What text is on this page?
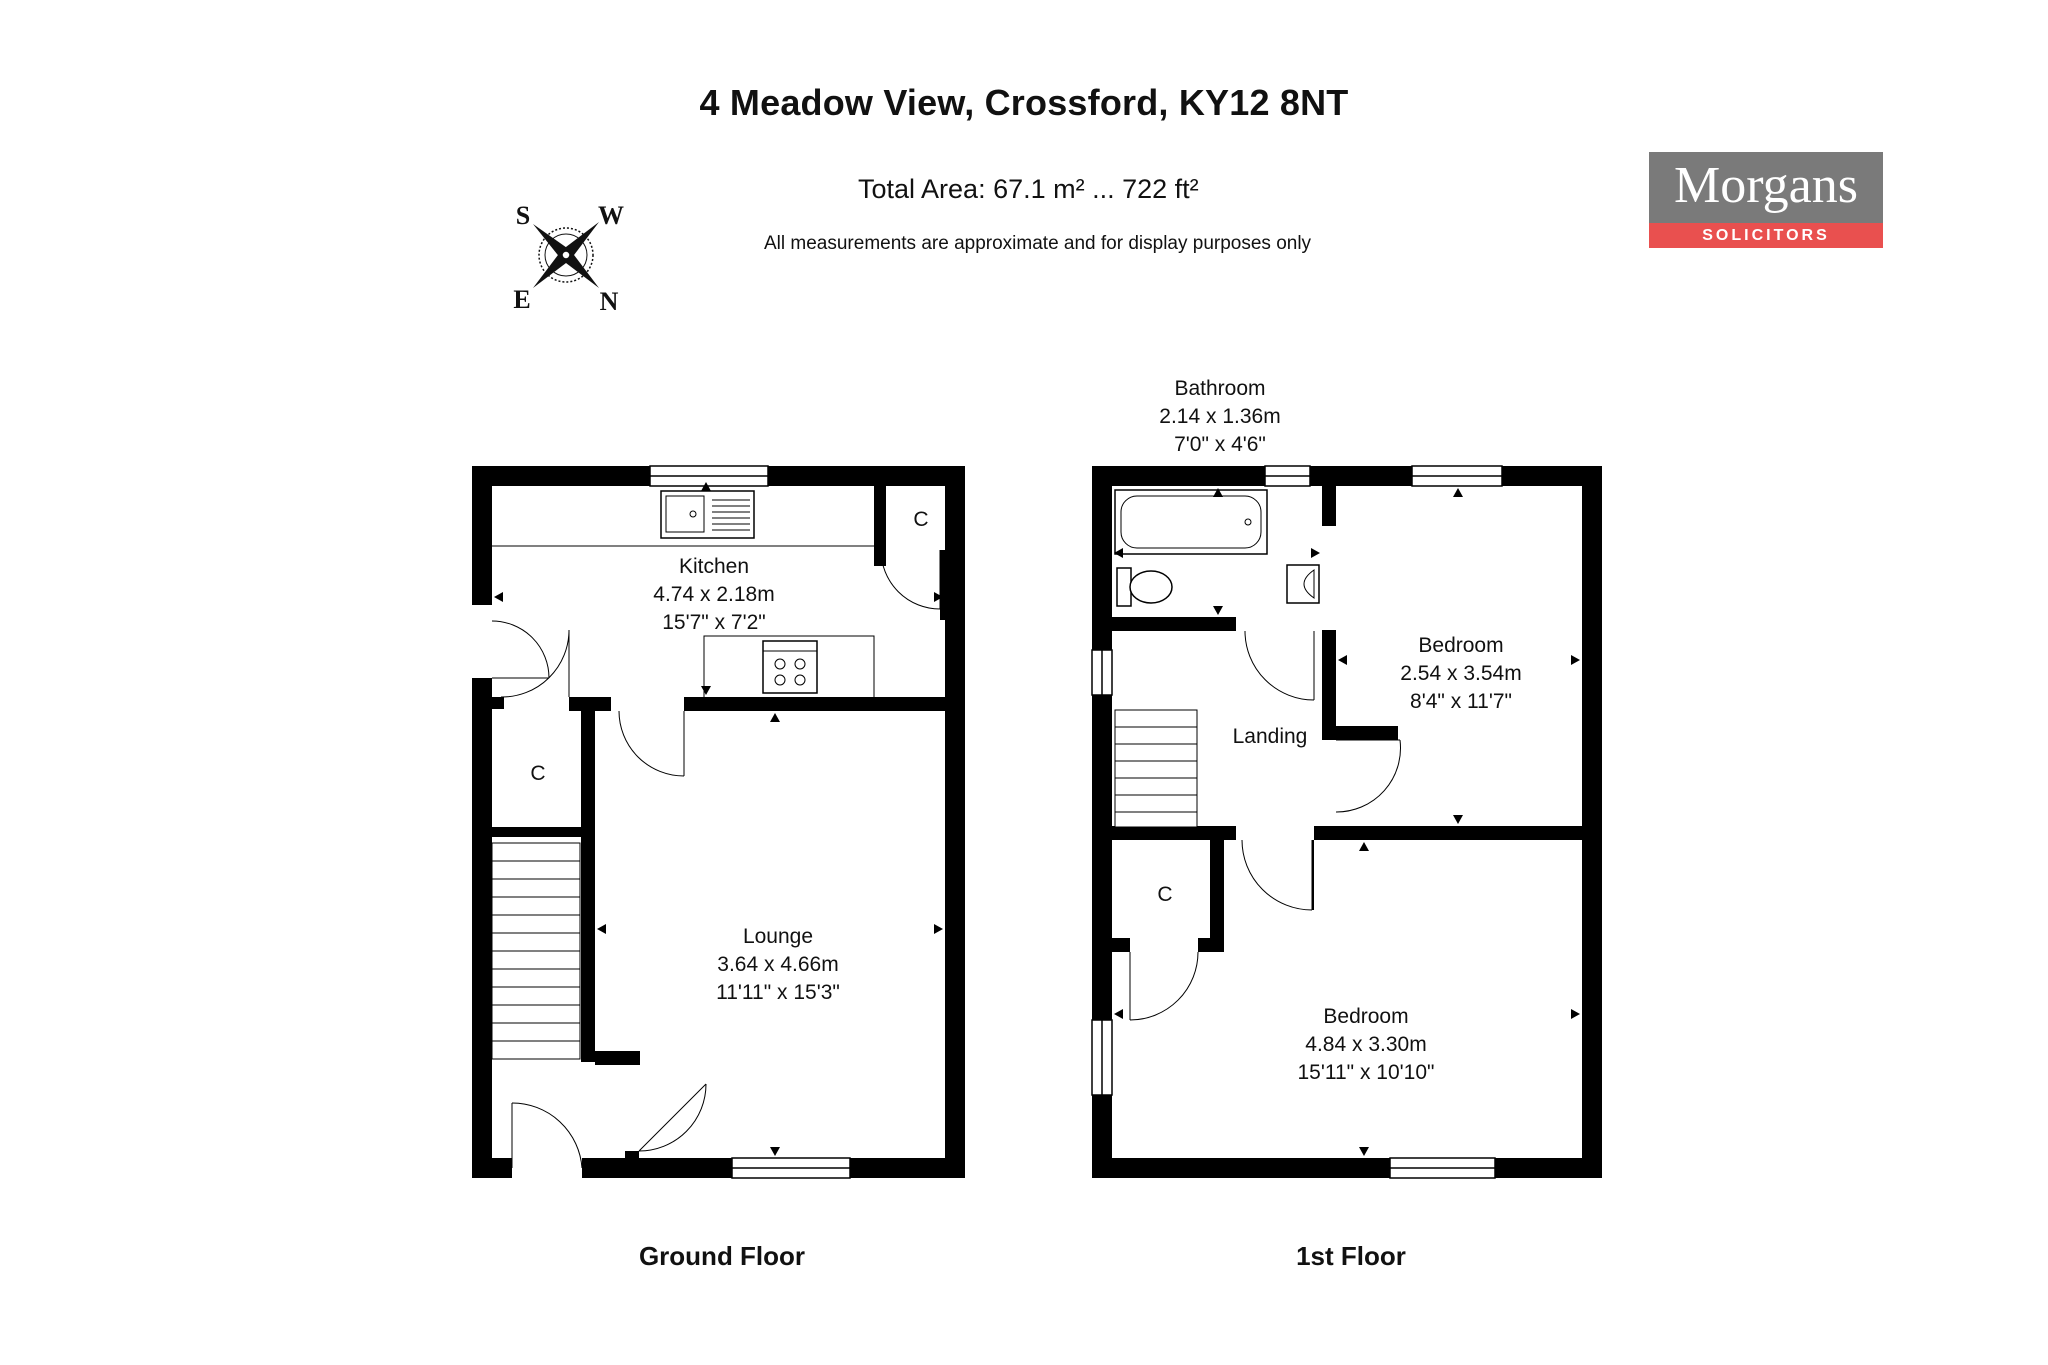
4 Meadow View, Crossford, KY12 8NT
Total Area: 67.1 m² ... 722 ft²
All measurements are approximate and for display purposes only
Morgans
SOLICITORS
S	W
E	N
Kitchen
4.74 x 2.18m
15'7" x 7'2"
C
C
Lounge
3.64 x 4.66m
11'11" x 15'3"
Ground Floor
Bathroom
2.14 x 1.36m
7'0" x 4'6"
Bedroom
2.54 x 3.54m
8'4" x 11'7"
Landing
C
Bedroom
4.84 x 3.30m
15'11" x 10'10"
1st Floor
